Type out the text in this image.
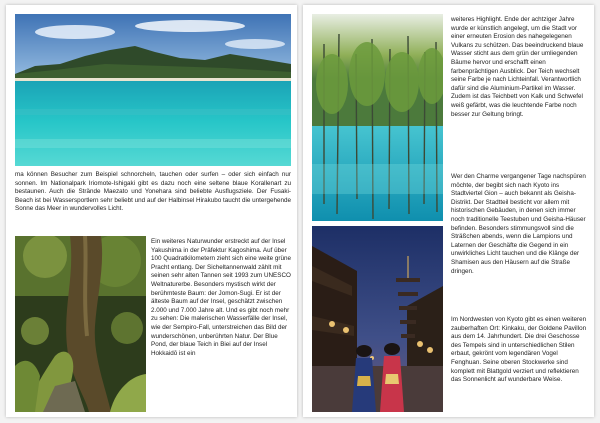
ma können Besucher zum Beispiel schnorcheln, tauchen oder surfen – oder sich einfach nur sonnen. Im Nationalpark Iriomote-Ishigaki gibt es dazu noch eine seltene blaue Korallenart zu bestaunen. Auch die Strände Maezato und Yonehara sind beliebte Ausflugsziele. Der Fusaki-Beach ist bei Wassersportlern sehr beliebt und auf der Halbinsel Hirakubo taucht die untergehende Sonne das Meer in wundervolles Licht.

Ein weiteres Naturwunder erstreckt auf der Insel Yakushima in der Präfektur Kagoshima. Auf über 100 Quadratkilometern zieht sich eine weite grüne Pracht entlang. Der Sicheltannenwald zählt mit seinen sehr alten Tannen seit 1993 zum UNESCO Weltnaturerbe. Besonders mystisch wirkt der berühmteste Baum: der Jomon-Sugi. Er ist der älteste Baum auf der Insel, geschätzt zwischen 2.000 und 7.000 Jahre alt. Und es gibt noch mehr zu sehen: Die malerischen Wasserfälle der Insel, wie der Sempiro-Fall, unterstreichen das Bild der wunderschönen, unberührten Natur. Der Blue Pond, der blaue Teich in Biei auf der Insel Hokkaidō ist ein

weiteres Highlight. Ende der achtziger Jahre wurde er künstlich angelegt, um die Stadt vor einer erneuten Erosion des nahegelegenen Vulkans zu schützen. Das beeindruckend blaue Wasser sticht aus dem grün der umliegenden Bäume hervor und erschafft einen farbenprächtigen Ausblick. Der Teich wechselt seine Farbe je nach Lichteinfall. Verantwortlich dafür sind die Aluminium-Partikel im Wasser. Zudem ist das Teichbett von Kalk und Schwefel weiß gefärbt, was die leuchtende Farbe noch besser zur Geltung bringt.

Wer den Charme vergangener Tage nachspüren möchte, der begibt sich nach Kyoto ins Stadtviertel Gion – auch bekannt als Geisha-Distrikt. Der Stadtteil besticht vor allem mit historischen Gebäuden, in denen sich immer noch traditionelle Teestuben und Geisha-Häuser befinden. Besonders stimmungsvoll sind die Sträßchen abends, wenn die Lampions und Laternen der Geschäfte die Gegend in ein unwirkliches Licht tauchen und die Klänge der Shamisen aus den Häusern auf die Straße dringen.

Im Nordwesten von Kyoto gibt es einen weiteren zauberhaften Ort: Kinkaku, der Goldene Pavillon aus dem 14. Jahrhundert. Die drei Geschosse des Tempels sind in unterschiedlichen Stilen erbaut, gekrönt vom legendären Vogel Fenghuan. Seine oberen Stockwerke sind komplett mit Blattgold verziert und reflektieren das Sonnenlicht auf wunderbare Weise.
